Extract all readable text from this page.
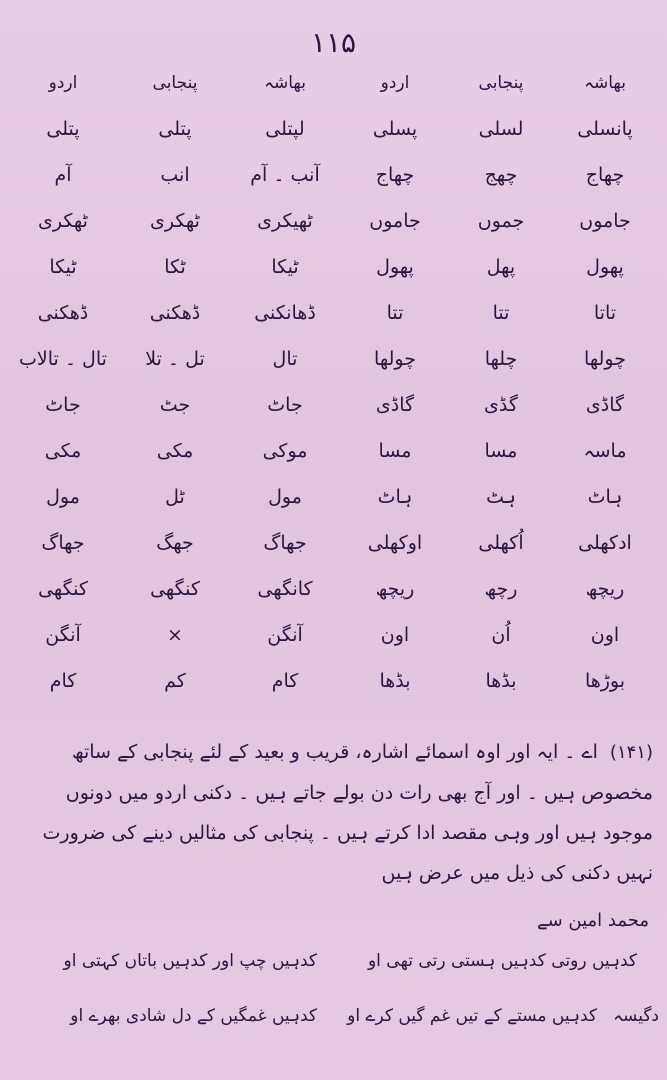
۱۱۵
بھاشہ
پنجابی
اردو
بھاشہ
پنجابی
اردو
پانسلی
لسلی
پسلی
لپتلی
پتلی
پتلی
چھاج
چھج
چھاج
آنب ۔ آم
انب
آم
جاموں
جموں
جاموں
ٹھیکری
ٹھکری
ٹھکری
پھول
پھل
پھول
ٹیکا
ٹکا
ٹیکا
تاتا
تتا
تتا
ڈھانکنی
ڈھکنی
ڈھکنی
چولھا
چلھا
چولھا
تال
تل ۔ تلا
تال ۔ تالاب
گاڈی
گڈی
گاڈی
جاٹ
جٹ
جاٹ
ماسہ
مسا
مسا
موکی
مکی
مکی
ہاٹ
ہٹ
ہاٹ
مول
ٹل
مول
ادکھلی
اُکھلی
اوکھلی
جھاگ
جھگ
جھاگ
ریچھ
رچھ
ریچھ
کانگھی
کنگھی
کنگھی
اون
اُن
اون
آنگن
×
آنگن
بوڑھا
بڈھا
بڈھا
کام
کم
کام
(۱۴۱) اے ۔ ایہ اور اوہ اسمائے اشارہ، قریب و بعید کے لئے پنجابی کے ساتھ مخصوص ہیں ۔ اور آج بھی رات دن بولے جاتے ہیں ۔ دکنی اردو میں دونوں موجود ہیں اور وہی مقصد ادا کرتے ہیں ۔ پنجابی کی مثالیں دینے کی ضرورت نہیں دکنی کی ذیل میں عرض ہیں
محمد امین سے
کدہیں روتی کدہیں ہستی رتی تھی او
کدہیں چپ اور کدہیں باتاں کہتی او
دگیسہ
کدہیں مستے کے تیں غم گیں کرے او
کدہیں غمگیں کے دل شادی بھرے او
